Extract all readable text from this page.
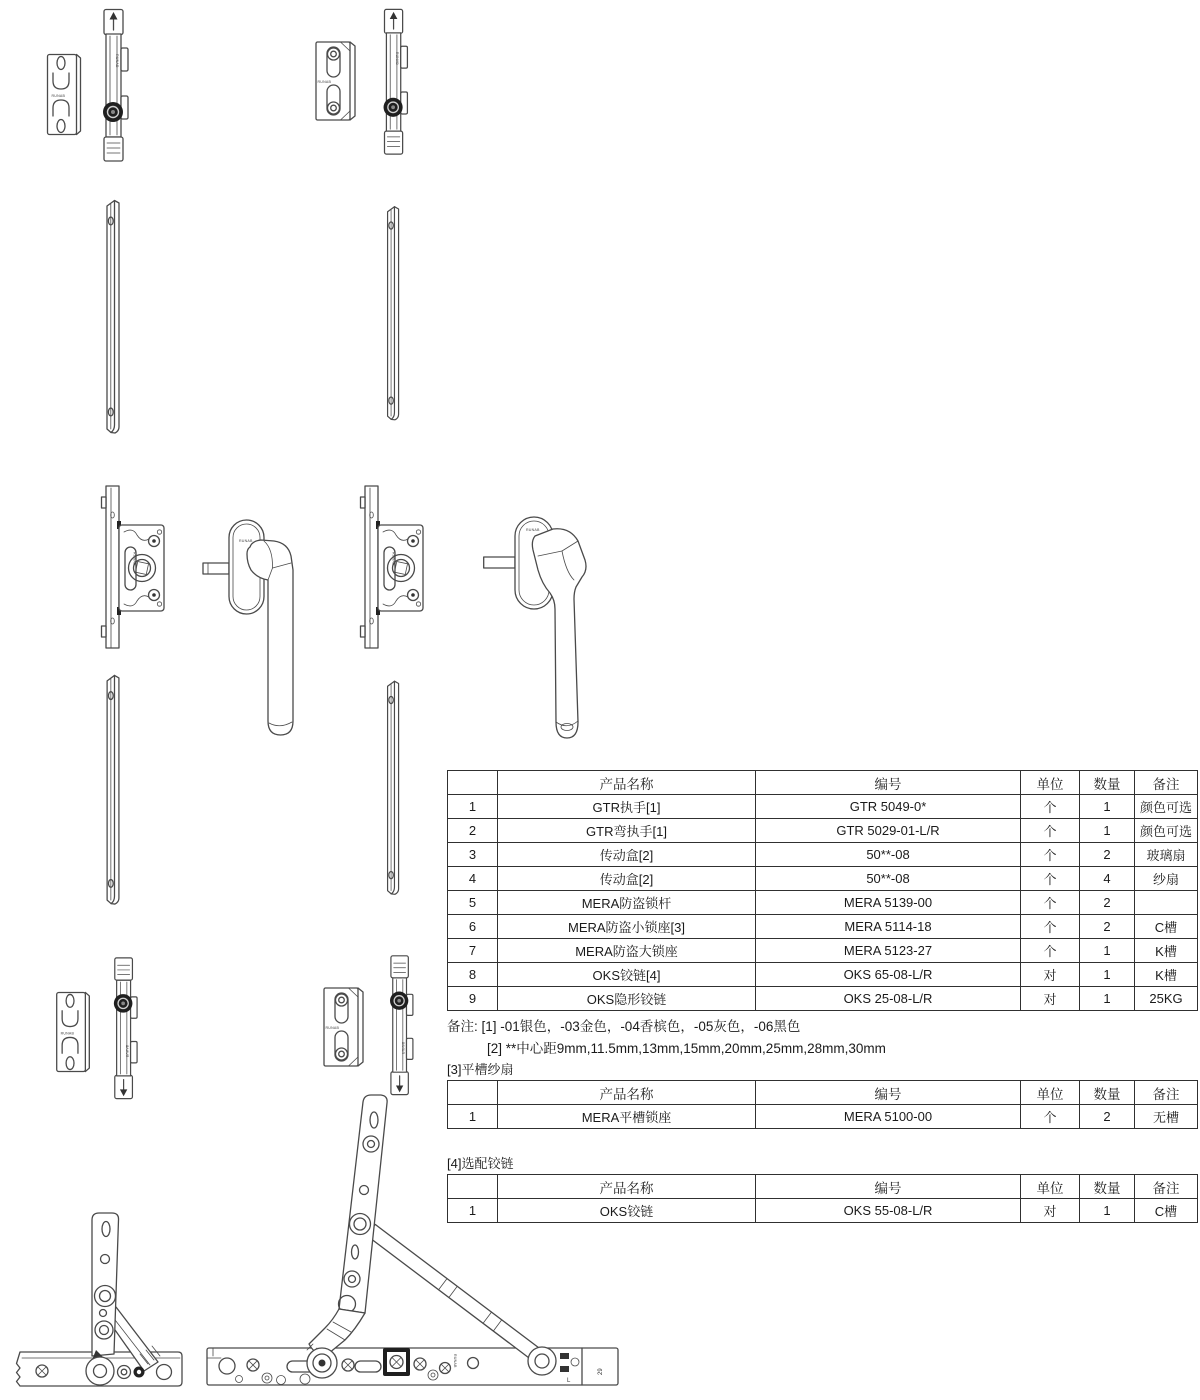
RUNAB
RUNAB
RUNAB
L
29
	产品名称	编号	单位	数量	备注
1	GTR执手[1]	GTR 5049-0*	个	1	颜色可选
2	GTR弯执手[1]	GTR 5029-01-L/R	个	1	颜色可选
3	传动盒[2]	50**-08	个	2	玻璃扇
4	传动盒[2]	50**-08	个	4	纱扇
5	MERA防盗锁杆	MERA 5139-00	个	2	
6	MERA防盗小锁座[3]	MERA 5114-18	个	2	C槽
7	MERA防盗大锁座	MERA 5123-27	个	1	K槽
8	OKS铰链[4]	OKS 65-08-L/R	对	1	K槽
9	OKS隐形铰链	OKS 25-08-L/R	对	1	25KG
备注: [1] -01银色，-03金色，-04香槟色，-05灰色，-06黑色
[2] **中心距9mm,11.5mm,13mm,15mm,20mm,25mm,28mm,30mm
[3]平槽纱扇
	产品名称	编号	单位	数量	备注
1	MERA平槽锁座	MERA 5100-00	个	2	无槽
[4]选配铰链
	产品名称	编号	单位	数量	备注
1	OKS铰链	OKS 55-08-L/R	对	1	C槽
